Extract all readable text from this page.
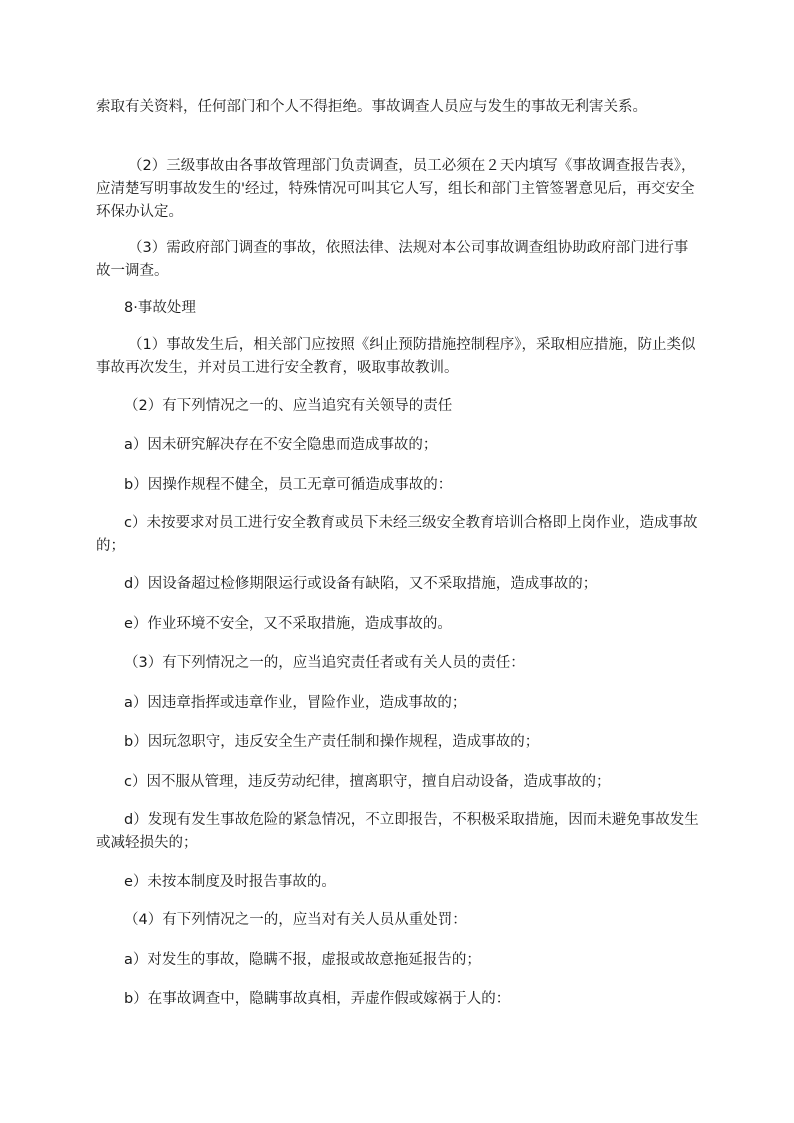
索取有关资料，任何部门和个人不得拒绝。事故调查人员应与发生的事故无利害关系。

（2）三级事故由各事故管理部门负责调查，员工必须在２天内填写《事故调查报告表》，应清楚写明事故发生的'经过，特殊情况可叫其它人写，组长和部门主管签署意见后，再交安全环保办认定。

（3）需政府部门调查的事故，依照法律、法规对本公司事故调查组协助政府部门进行事故一调查。

8·事故处理

（1）事故发生后，相关部门应按照《纠止预防措施控制程序》，采取相应措施，防止类似事故再次发生，并对员工进行安全教育，吸取事故教训。

（2）有下列情况之一的、应当追究有关领导的责任

a）因未研究解决存在不安全隐患而造成事故的；

b）因操作规程不健全，员工无章可循造成事故的：

c）未按要求对员工进行安全教育或员下未经三级安全教育培训合格即上岗作业，造成事故的；

d）因设备超过检修期限运行或设备有缺陷，又不采取措施，造成事故的；

e）作业环境不安全，又不采取措施，造成事故的。

（3）有下列情况之一的，应当追究责任者或有关人员的责任：

a）因违章指挥或违章作业，冒险作业，造成事故的；

b）因玩忽职守，违反安全生产责任制和操作规程，造成事故的；

c）因不服从管理，违反劳动纪律，擅离职守，擅自启动设备，造成事故的；

d）发现有发生事故危险的紧急情况，不立即报告，不积极采取措施，因而未避免事故发生或减轻损失的；

e）未按本制度及时报告事故的。

（4）有下列情况之一的，应当对有关人员从重处罚：

a）对发生的事故，隐瞒不报，虚报或故意拖延报告的；

b）在事故调查中，隐瞒事故真相，弄虚作假或嫁祸于人的：
